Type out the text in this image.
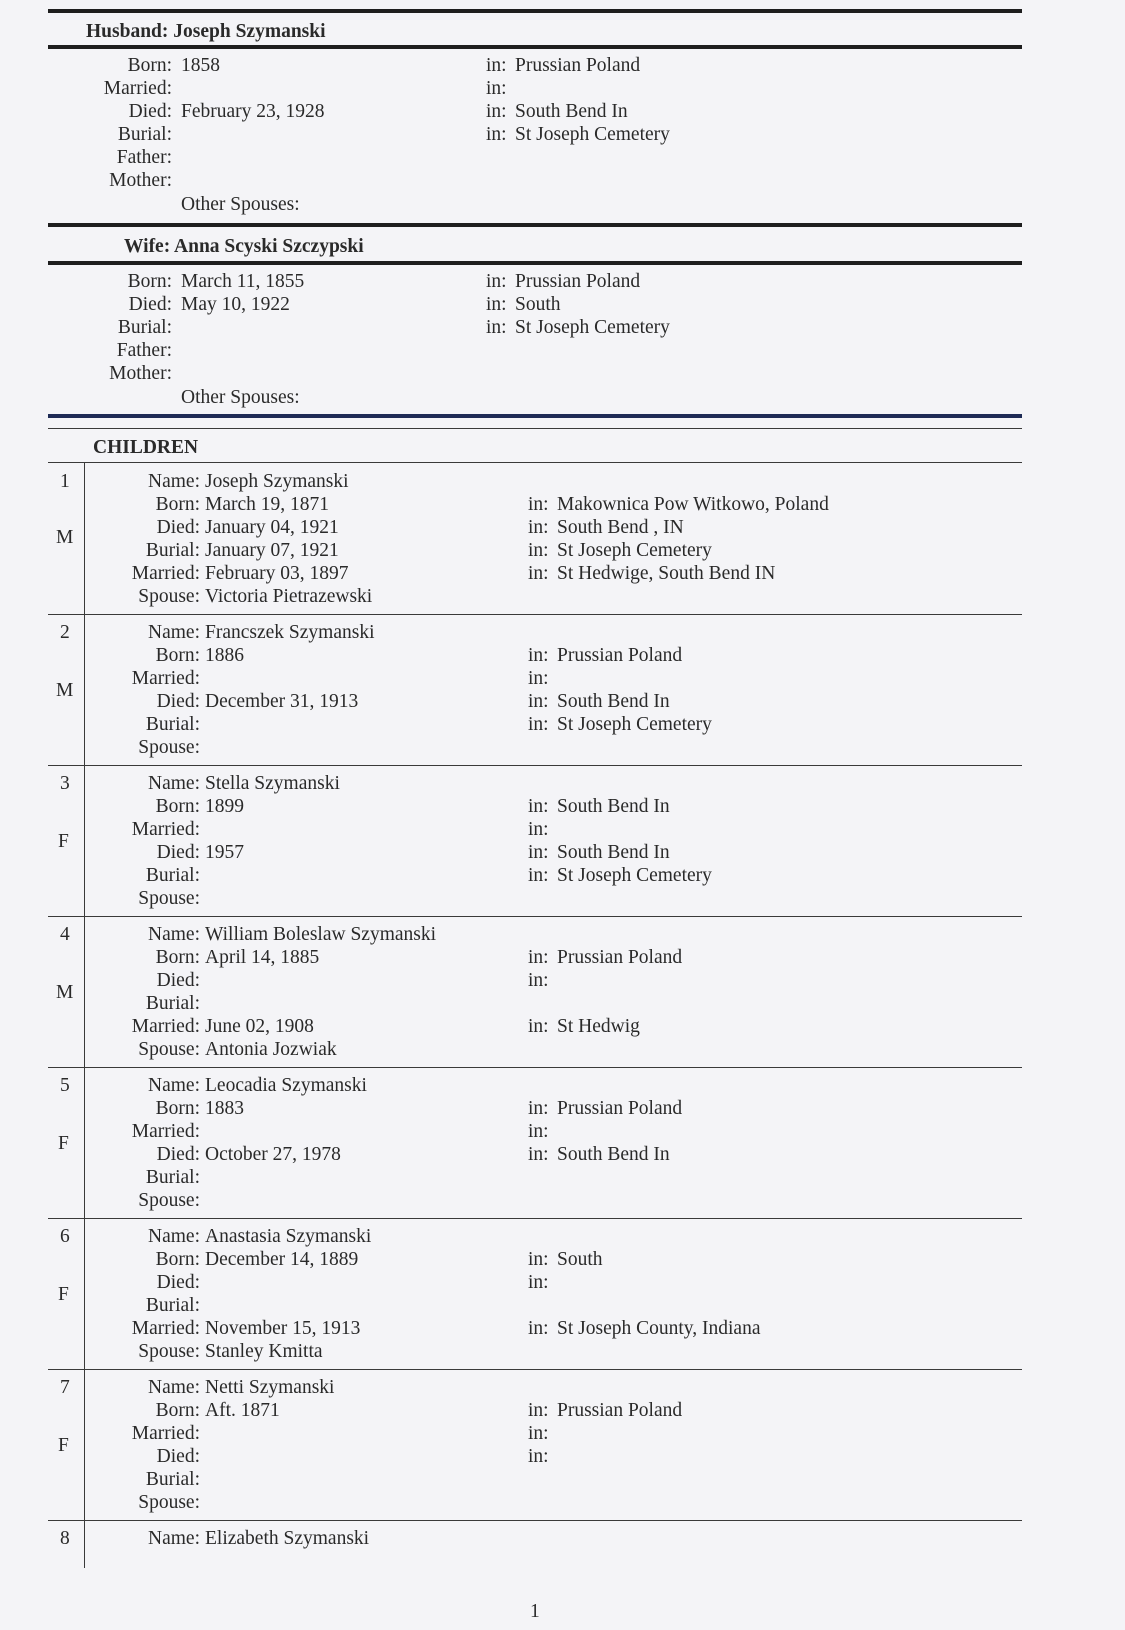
Husband: Joseph Szymanski
Born: 1858	in: Prussian Poland
Married:	in:
Died: February 23, 1928	in: South Bend In
Burial:	in: St Joseph Cemetery
Father:
Mother:
Other Spouses:
Wife: Anna Scyski Szczypski
Born: March 11, 1855	in: Prussian Poland
Died: May 10, 1922	in: South
Burial:	in: St Joseph Cemetery
Father:
Mother:
Other Spouses:
CHILDREN
1
M
Name: Joseph Szymanski
Born: March 19, 1871	in: Makownica Pow Witkowo, Poland
Died: January 04, 1921	in: South Bend , IN
Burial: January 07, 1921	in: St Joseph Cemetery
Married: February 03, 1897	in: St Hedwige, South Bend IN
Spouse: Victoria Pietrazewski
2
M
Name: Francszek Szymanski
Born: 1886	in: Prussian Poland
Married:	in:
Died: December 31, 1913	in: South Bend In
Burial:	in: St Joseph Cemetery
Spouse:
3
F
Name: Stella Szymanski
Born: 1899	in: South Bend In
Married:	in:
Died: 1957	in: South Bend In
Burial:	in: St Joseph Cemetery
Spouse:
4
M
Name: William Boleslaw Szymanski
Born: April 14, 1885	in: Prussian Poland
Died:	in:
Burial:
Married: June 02, 1908	in: St Hedwig
Spouse: Antonia Jozwiak
5
F
Name: Leocadia Szymanski
Born: 1883	in: Prussian Poland
Married:	in:
Died: October 27, 1978	in: South Bend In
Burial:
Spouse:
6
F
Name: Anastasia Szymanski
Born: December 14, 1889	in: South
Died:	in:
Burial:
Married: November 15, 1913	in: St Joseph County, Indiana
Spouse: Stanley Kmitta
7
F
Name: Netti Szymanski
Born: Aft. 1871	in: Prussian Poland
Married:	in:
Died:	in:
Burial:
Spouse:
8	Name: Elizabeth Szymanski
1
